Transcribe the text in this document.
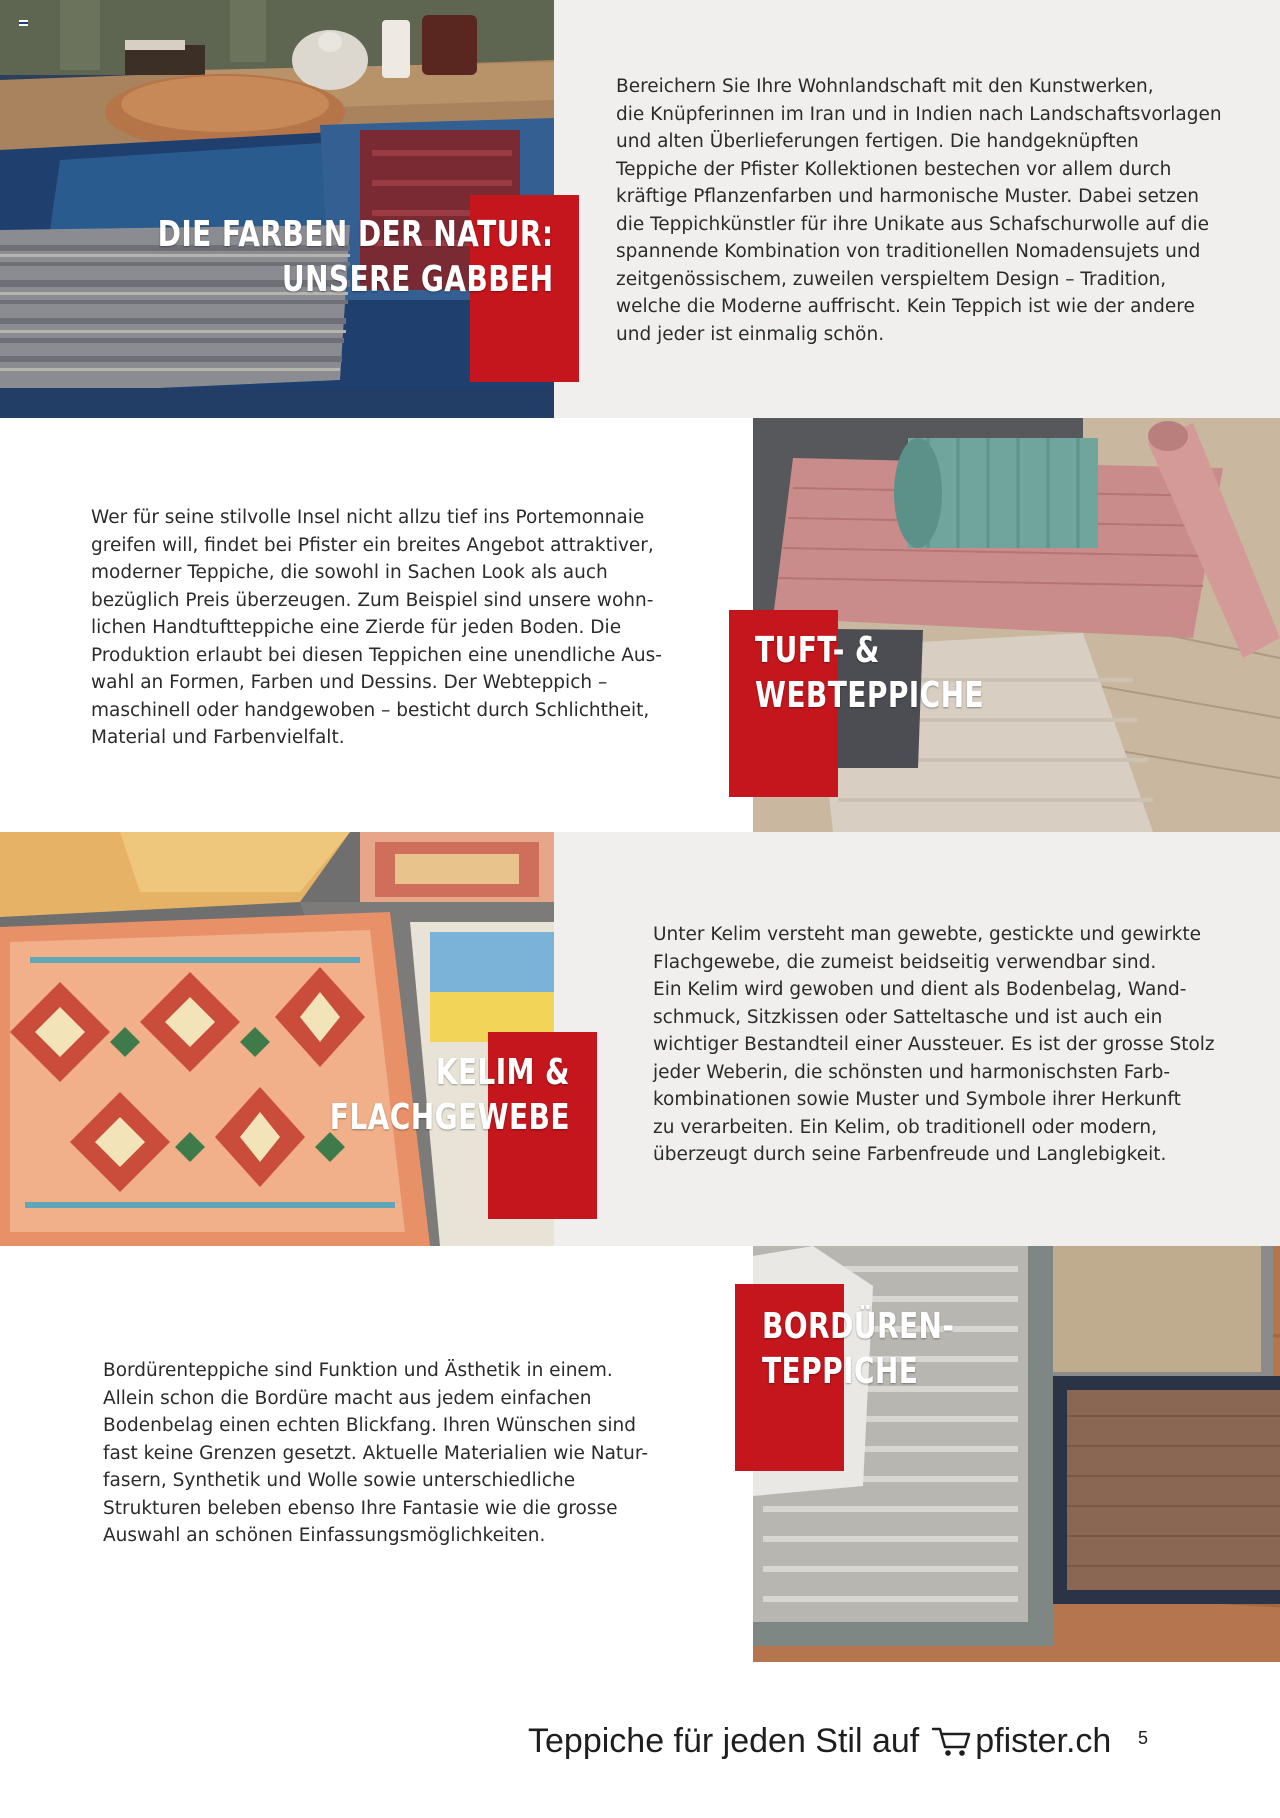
DIE FARBEN DER NATUR:
UNSERE GABBEH

Bereichern Sie Ihre Wohnlandschaft mit den Kunstwerken,
die Knüpferinnen im Iran und in Indien nach Landschaftsvorlagen
und alten Überlieferungen fertigen. Die handgeknüpften
Teppiche der Pfister Kollektionen bestechen vor allem durch
kräftige Pflanzenfarben und harmonische Muster. Dabei setzen
die Teppichkünstler für ihre Unikate aus Schafschurwolle auf die
spannende Kombination von traditionellen Nomadensujets und
zeitgenössischem, zuweilen verspieltem Design – Tradition,
welche die Moderne auffrischt. Kein Teppich ist wie der andere
und jeder ist einmalig schön.

Wer für seine stilvolle Insel nicht allzu tief ins Portemonnaie
greifen will, findet bei Pfister ein breites Angebot attraktiver,
moderner Teppiche, die sowohl in Sachen Look als auch
bezüglich Preis überzeugen. Zum Beispiel sind unsere wohn-
lichen Handtuftteppiche eine Zierde für jeden Boden. Die
Produktion erlaubt bei diesen Teppichen eine unendliche Aus-
wahl an Formen, Farben und Dessins. Der Webteppich –
maschinell oder handgewoben – besticht durch Schlichtheit,
Material und Farbenvielfalt.

TUFT- &
WEBTEPPICHE
KELIM &
FLACHGEWEBE

Unter Kelim versteht man gewebte, gestickte und gewirkte
Flachgewebe, die zumeist beidseitig verwendbar sind.
Ein Kelim wird gewoben und dient als Bodenbelag, Wand-
schmuck, Sitzkissen oder Satteltasche und ist auch ein
wichtiger Bestandteil einer Aussteuer. Es ist der grosse Stolz
jeder Weberin, die schönsten und harmonischsten Farb-
kombinationen sowie Muster und Symbole ihrer Herkunft
zu verarbeiten. Ein Kelim, ob traditionell oder modern,
überzeugt durch seine Farbenfreude und Langlebigkeit.

Bordürenteppiche sind Funktion und Ästhetik in einem.
Allein schon die Bordüre macht aus jedem einfachen
Bodenbelag einen echten Blickfang. Ihren Wünschen sind
fast keine Grenzen gesetzt. Aktuelle Materialien wie Natur-
fasern, Synthetik und Wolle sowie unterschiedliche
Strukturen beleben ebenso Ihre Fantasie wie die grosse
Auswahl an schönen Einfassungsmöglichkeiten.

BORDÜREN-
TEPPICHE
Teppiche für jeden Stil auf pfister.ch 5
